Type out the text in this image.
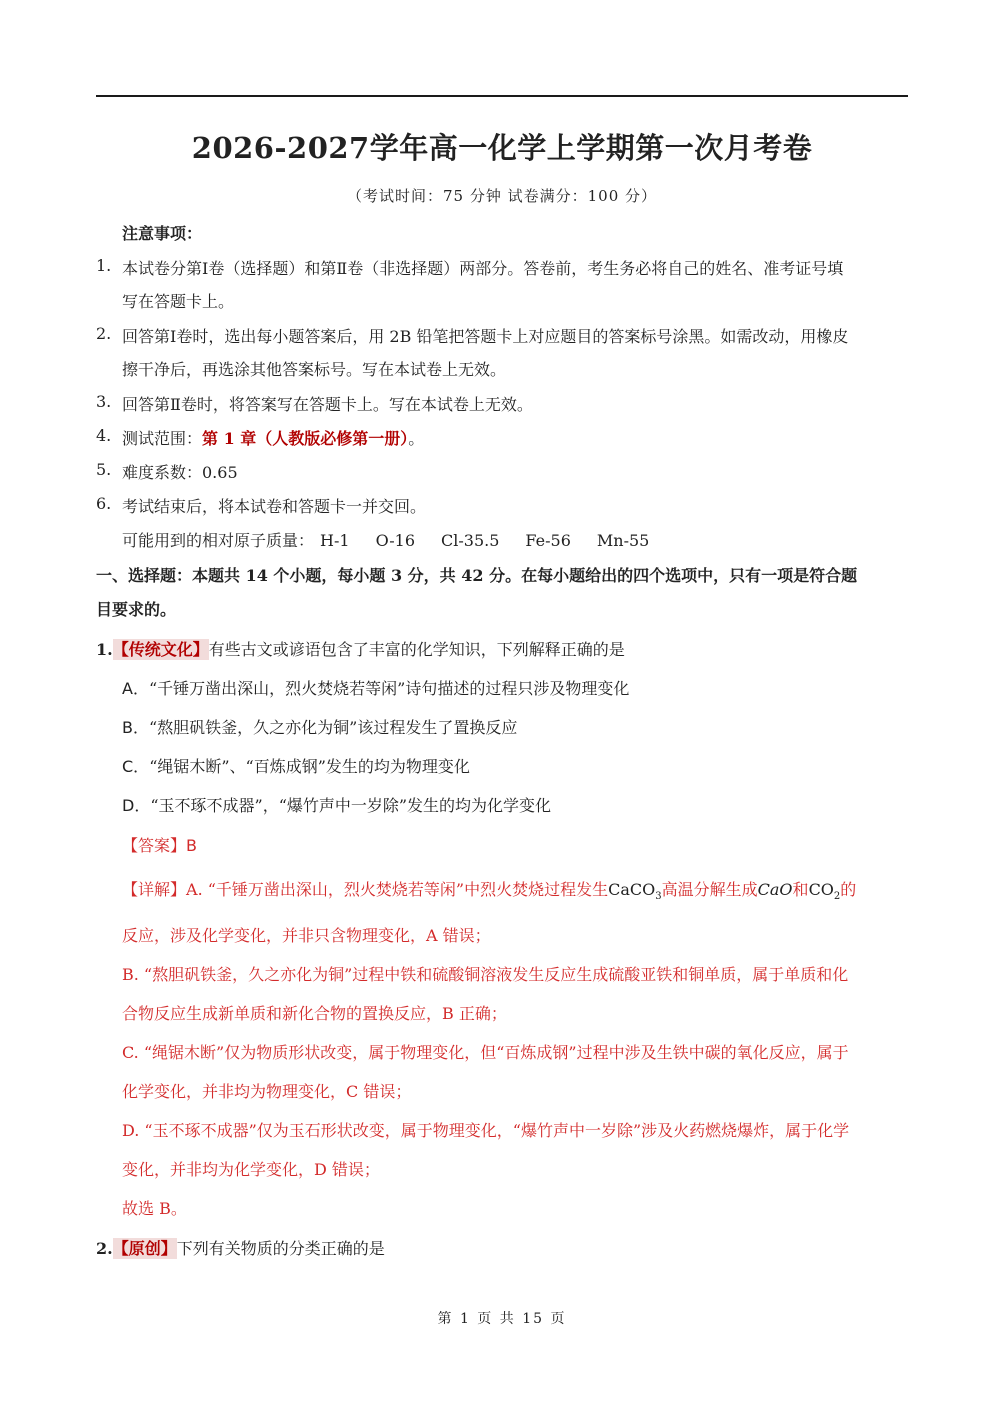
2026-2027学年高一化学上学期第一次月考卷
（考试时间：75 分钟 试卷满分：100 分）
注意事项：
1. 本试卷分第Ⅰ卷（选择题）和第Ⅱ卷（非选择题）两部分。答卷前，考生务必将自己的姓名、准考证号填
写在答题卡上。
2. 回答第Ⅰ卷时，选出每小题答案后，用 2B 铅笔把答题卡上对应题目的答案标号涂黑。如需改动，用橡皮
擦干净后，再选涂其他答案标号。写在本试卷上无效。
3. 回答第Ⅱ卷时，将答案写在答题卡上。写在本试卷上无效。
4. 测试范围：第 1 章（人教版必修第一册）。
5. 难度系数：0.65
6. 考试结束后，将本试卷和答题卡一并交回。
可能用到的相对原子质量： H-1 O-16 Cl-35.5 Fe-56 Mn-55
一、选择题：本题共 14 个小题，每小题 3 分，共 42 分。在每小题给出的四个选项中，只有一项是符合题
目要求的。
1.【传统文化】有些古文或谚语包含了丰富的化学知识，下列解释正确的是
A．“千锤万凿出深山，烈火焚烧若等闲”诗句描述的过程只涉及物理变化
B．“熬胆矾铁釜，久之亦化为铜”该过程发生了置换反应
C．“绳锯木断”、“百炼成钢”发生的均为物理变化
D．“玉不琢不成器”，“爆竹声中一岁除”发生的均为化学变化
【答案】B
【详解】A. “千锤万凿出深山，烈火焚烧若等闲”中烈火焚烧过程发生CaCO$_3$高温分解生成CaO和$CO_2$的
反应，涉及化学变化，并非只含物理变化，A 错误；
B. “熬胆矾铁釜，久之亦化为铜”过程中铁和硫酸铜溶液发生反应生成硫酸亚铁和铜单质，属于单质和化
合物反应生成新单质和新化合物的置换反应，B 正确；
C. “绳锯木断”仅为物质形状改变，属于物理变化，但“百炼成钢”过程中涉及生铁中碳的氧化反应，属于
化学变化，并非均为物理变化，C 错误；
D. “玉不琢不成器”仅为玉石形状改变，属于物理变化，“爆竹声中一岁除”涉及火药燃烧爆炸，属于化学
变化，并非均为化学变化，D 错误；
故选 B。
2.【原创】下列有关物质的分类正确的是
第 1 页 共 15 页
